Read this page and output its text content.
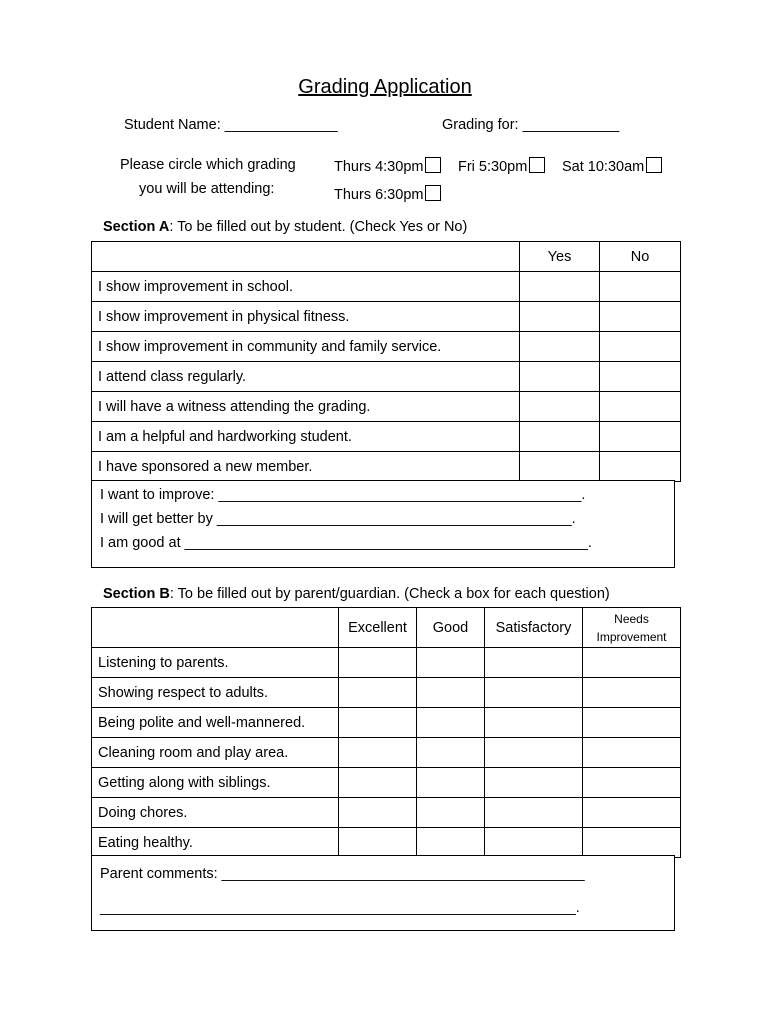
Grading Application
Student Name: ______________	Grading for: ____________
Please circle which grading
you will be attending:
Thurs 4:30pm	Fri 5:30pm	Sat 10:30am
Thurs 6:30pm
Section A: To be filled out by student. (Check Yes or No)
	Yes	No
I show improvement in school.		
I show improvement in physical fitness.		
I show improvement in community and family service.		
I attend class regularly.		
I will have a witness attending the grading.		
I am a helpful and hardworking student.		
I have sponsored a new member.		
I want to improve: _____________________________________________.
I will get better by ____________________________________________.
I am good at __________________________________________________.
Section B: To be filled out by parent/guardian. (Check a box for each question)
	Excellent	Good	Satisfactory	Needs
Improvement

Listening to parents.				
Showing respect to adults.				
Being polite and well-mannered.				
Cleaning room and play area.				
Getting along with siblings.				
Doing chores.				
Eating healthy.				
Parent comments: _____________________________________________
___________________________________________________________.
